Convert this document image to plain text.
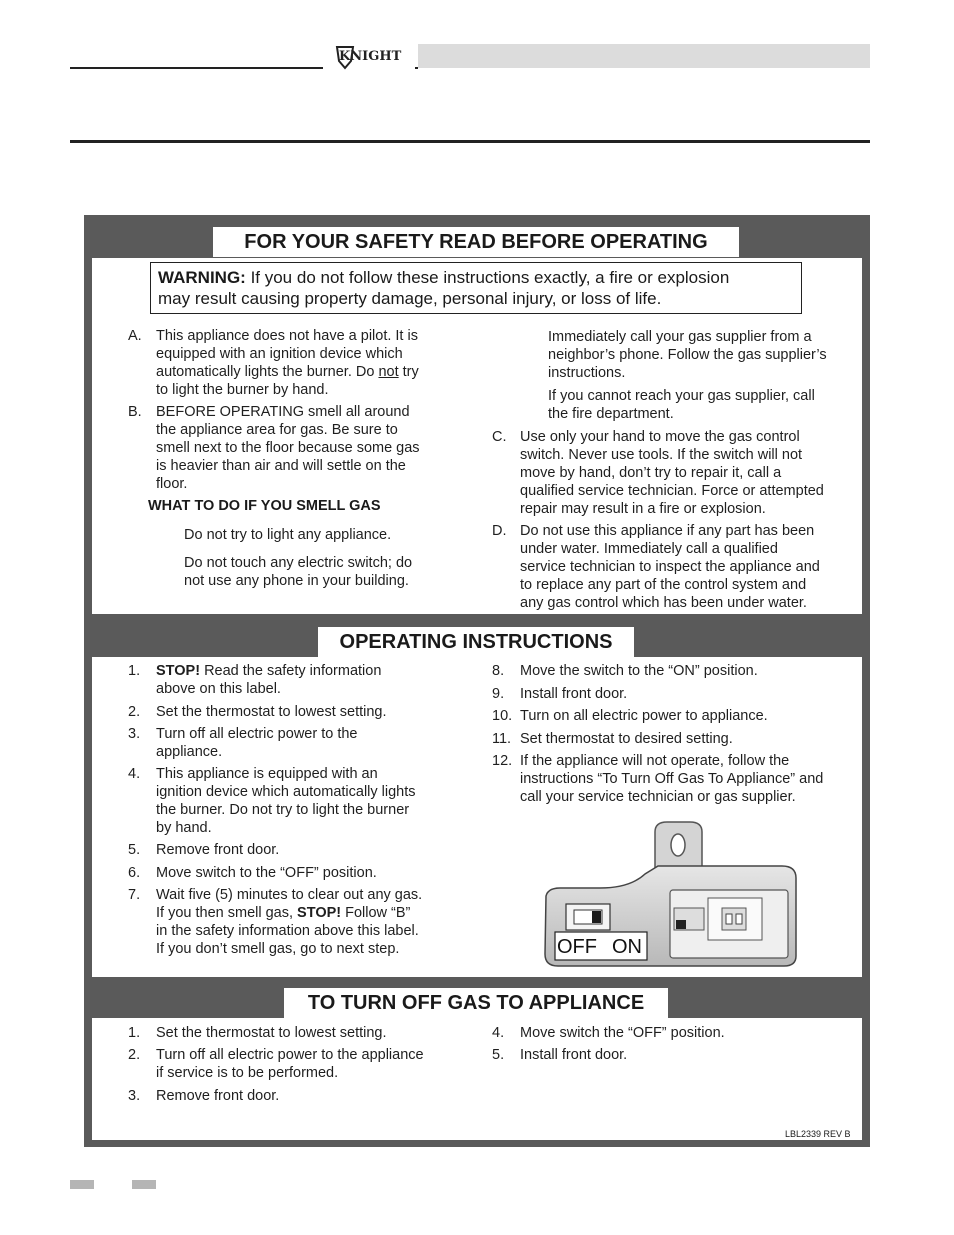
KNIGHT
FOR YOUR SAFETY READ BEFORE OPERATING
WARNING: If you do not follow these instructions exactly, a fire or explosion
may result causing property damage, personal injury, or loss of life.
A. This appliance does not have a pilot. It is
equipped with an ignition device which
automatically lights the burner. Do not try
to light the burner by hand.
B. BEFORE OPERATING smell all around
the appliance area for gas. Be sure to
smell next to the floor because some gas
is heavier than air and will settle on the
floor.
WHAT TO DO IF YOU SMELL GAS
Do not try to light any appliance.
Do not touch any electric switch; do
not use any phone in your building.
Immediately call your gas supplier from a
neighbor’s phone. Follow the gas supplier’s
instructions.
If you cannot reach your gas supplier, call
the fire department.
C. Use only your hand to move the gas control
switch. Never use tools. If the switch will not
move by hand, don’t try to repair it, call a
qualified service technician. Force or attempted
repair may result in a fire or explosion.
D. Do not use this appliance if any part has been
under water. Immediately call a qualified
service technician to inspect the appliance and
to replace any part of the control system and
any gas control which has been under water.
OPERATING INSTRUCTIONS
1. STOP! Read the safety information
above on this label.
2. Set the thermostat to lowest setting.
3. Turn off all electric power to the
appliance.
4. This appliance is equipped with an
ignition device which automatically lights
the burner. Do not try to light the burner
by hand.
5. Remove front door.
6. Move switch to the “OFF” position.
7. Wait five (5) minutes to clear out any gas.
If you then smell gas, STOP! Follow “B”
in the safety information above this label.
If you don’t smell gas, go to next step.
8. Move the switch to the “ON” position.
9. Install front door.
10. Turn on all electric power to appliance.
11. Set thermostat to desired setting.
12. If the appliance will not operate, follow the
instructions “To Turn Off Gas To Appliance” and
call your service technician or gas supplier.
OFF ON
TO TURN OFF GAS TO APPLIANCE
1. Set the thermostat to lowest setting.
2. Turn off all electric power to the appliance
if service is to be performed.
3. Remove front door.
4. Move switch the “OFF” position.
5. Install front door.
LBL2339 REV B
